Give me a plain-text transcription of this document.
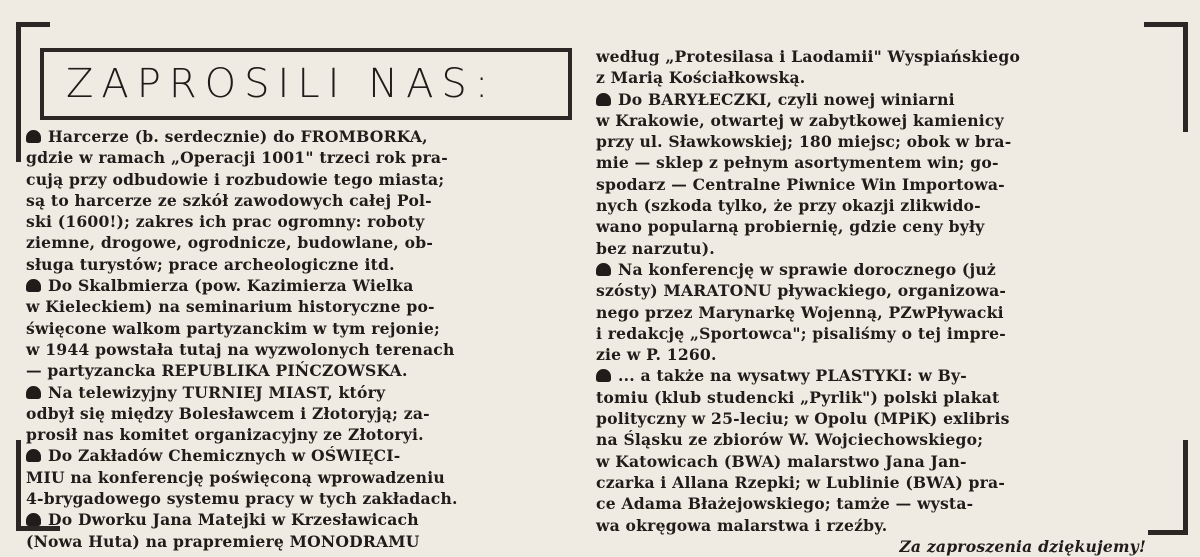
ZAPROSILI NAS:
Harcerze (b. serdecznie) do FROMBORKA,
gdzie w ramach „Operacji 1001" trzeci rok pra-
cują przy odbudowie i rozbudowie tego miasta;
są to harcerze ze szkół zawodowych całej Pol-
ski (1600!); zakres ich prac ogromny: roboty
ziemne, drogowe, ogrodnicze, budowlane, ob-
sługa turystów; prace archeologiczne itd.
Do Skalbmierza (pow. Kazimierza Wielka
w Kieleckiem) na seminarium historyczne po-
święcone walkom partyzanckim w tym rejonie;
w 1944 powstała tutaj na wyzwolonych terenach
— partyzancka REPUBLIKA PIŃCZOWSKA.
Na telewizyjny TURNIEJ MIAST, który
odbył się między Bolesławcem i Złotoryją; za-
prosił nas komitet organizacyjny ze Złotoryi.
Do Zakładów Chemicznych w OŚWIĘCI-
MIU na konferencję poświęconą wprowadzeniu
4-brygadowego systemu pracy w tych zakładach.
Do Dworku Jana Matejki w Krzesławicach
(Nowa Huta) na prapremierę MONODRAMU
według „Protesilasa i Laodamii" Wyspiańskiego
z Marią Kościałkowską.
Do BARYŁECZKI, czyli nowej winiarni
w Krakowie, otwartej w zabytkowej kamienicy
przy ul. Sławkowskiej; 180 miejsc; obok w bra-
mie — sklep z pełnym asortymentem win; go-
spodarz — Centralne Piwnice Win Importowa-
nych (szkoda tylko, że przy okazji zlikwido-
wano popularną probiernię, gdzie ceny były
bez narzutu).
Na konferencję w sprawie dorocznego (już
szósty) MARATONU pływackiego, organizowa-
nego przez Marynarkę Wojenną, PZwPływacki
i redakcję „Sportowca"; pisaliśmy o tej impre-
zie w P. 1260.
... a także na wysatwy PLASTYKI: w By-
tomiu (klub studencki „Pyrlik") polski plakat
polityczny w 25-leciu; w Opolu (MPiK) exlibris
na Śląsku ze zbiorów W. Wojciechowskiego;
w Katowicach (BWA) malarstwo Jana Jan-
czarka i Allana Rzepki; w Lublinie (BWA) pra-
ce Adama Błażejowskiego; tamże — wysta-
wa okręgowa malarstwa i rzeźby.
Za zaproszenia dziękujemy!
